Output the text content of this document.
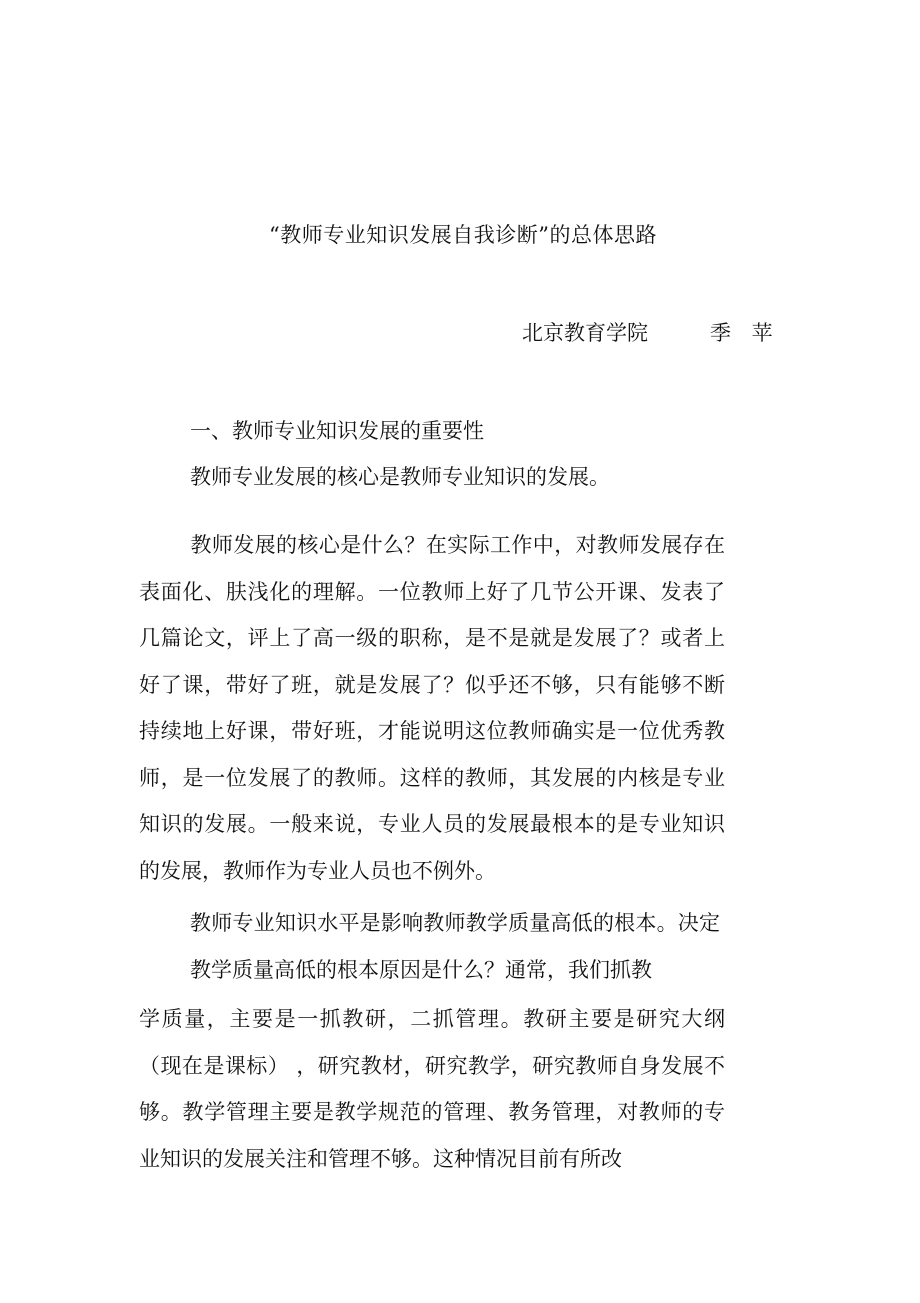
“教师专业知识发展自我诊断”的总体思路
北京教育学院	季 苹
一、教师专业知识发展的重要性
教师专业发展的核心是教师专业知识的发展。
教师发展的核心是什么？在实际工作中，对教师发展存在表面化、肤浅化的理解。一位教师上好了几节公开课、发表了几篇论文，评上了高一级的职称，是不是就是发展了？或者上好了课，带好了班，就是发展了？似乎还不够，只有能够不断持续地上好课，带好班，才能说明这位教师确实是一位优秀教师，是一位发展了的教师。这样的教师，其发展的内核是专业知识的发展。一般来说，专业人员的发展最根本的是专业知识的发展，教师作为专业人员也不例外。
教师专业知识水平是影响教师教学质量高低的根本。决定教学质量高低的根本原因是什么？通常，我们抓教
学质量，主要是一抓教研，二抓管理。教研主要是研究大纲（现在是课标） ，研究教材，研究教学，研究教师自身发展不够。教学管理主要是教学规范的管理、教务管理，对教师的专业知识的发展关注和管理不够。这种情况目前有所改
